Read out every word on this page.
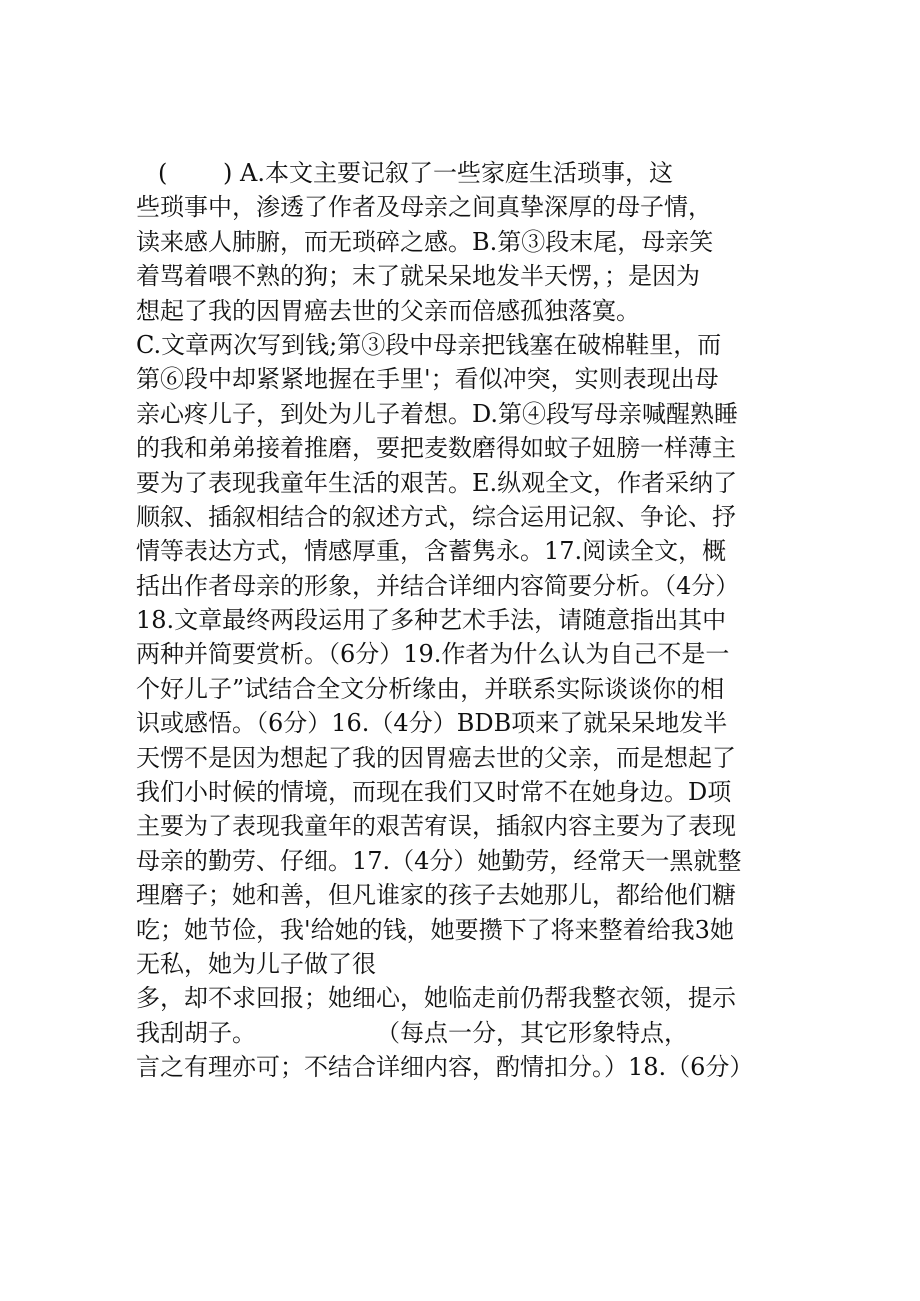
(　　 ) A.本文主要记叙了一些家庭生活琐事，这
些琐事中，渗透了作者及母亲之间真挚深厚的母子情，
读来感人肺腑，而无琐碎之感。B.第③段末尾，母亲笑
着骂着喂不熟的狗；末了就呆呆地发半天愣，；是因为
想起了我的因胃癌去世的父亲而倍感孤独落寞。
C.文章两次写到钱;第③段中母亲把钱塞在破棉鞋里，而
第⑥段中却紧紧地握在手里'；看似冲突，实则表现出母
亲心疼儿子，到处为儿子着想。D.第④段写母亲喊醒熟睡
的我和弟弟接着推磨，要把麦数磨得如蚊子妞膀一样薄主
要为了表现我童年生活的艰苦。E.纵观全文，作者采纳了
顺叙、插叙相结合的叙述方式，综合运用记叙、争论、抒
情等表达方式，情感厚重，含蓄隽永。17.阅读全文，概
括出作者母亲的形象，并结合详细内容简要分析。（4分）
18.文章最终两段运用了多种艺术手法，请随意指出其中
两种并简要赏析。（6分）19.作者为什么认为自己不是一
个好儿子”试结合全文分析缘由，并联系实际谈谈你的相
识或感悟。（6分）16.（4分）BDB项来了就呆呆地发半
天愣不是因为想起了我的因胃癌去世的父亲，而是想起了
我们小时候的情境，而现在我们又时常不在她身边。D项
主要为了表现我童年的艰苦宥误，插叙内容主要为了表现
母亲的勤劳、仔细。17.（4分）她勤劳，经常天一黑就整
理磨子；她和善，但凡谁家的孩子去她那儿，都给他们糖
吃；她节俭，我'给她的钱，她要攒下了将来整着给我3她
无私，她为儿子做了很
多，却不求回报；她细心，她临走前仍帮我整衣领，提示
我刮胡子。　　　　　　（每点一分，其它形象特点，
言之有理亦可；不结合详细内容，酌情扣分。）18.（6分）
